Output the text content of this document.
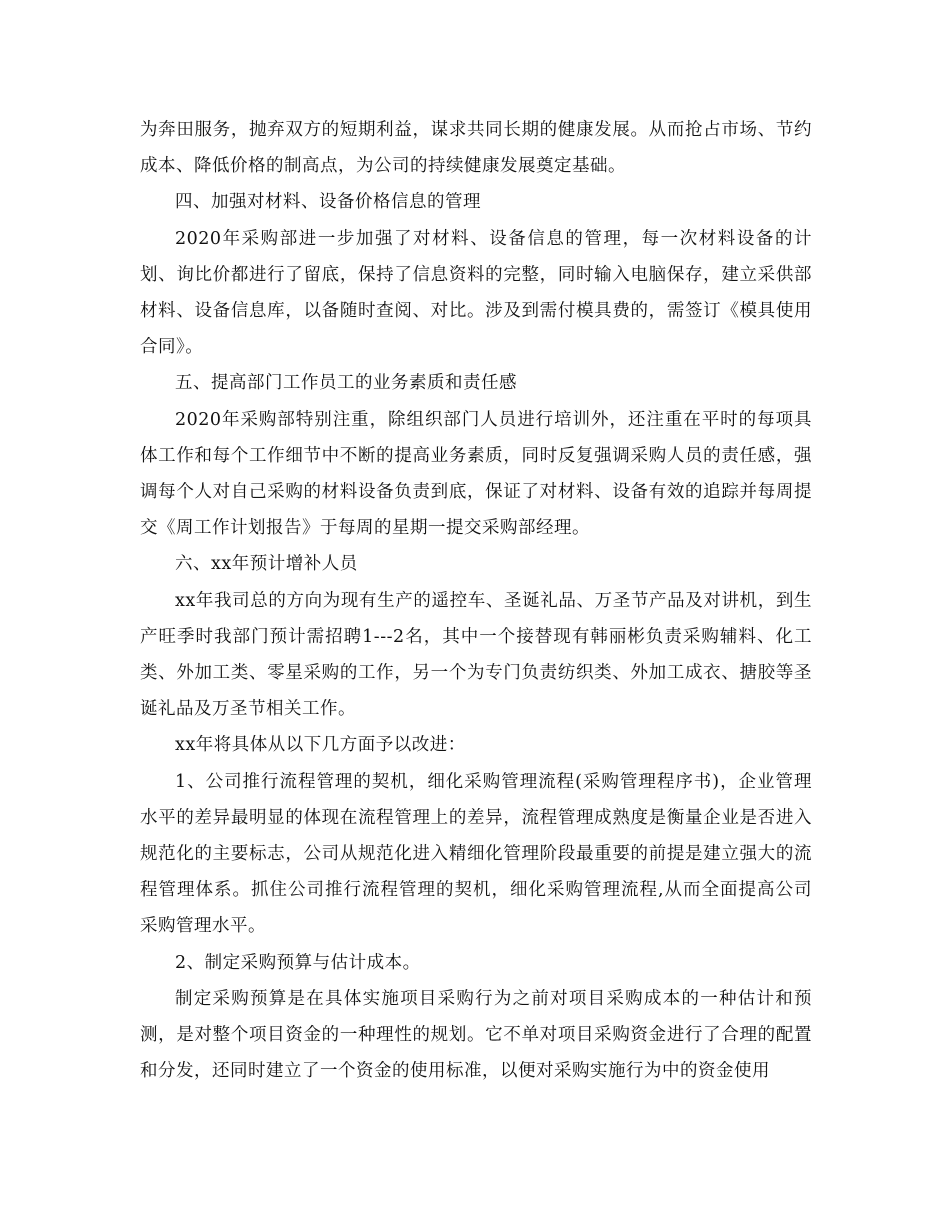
为奔田服务，抛弃双方的短期利益，谋求共同长期的健康发展。从而抢占市场、节约成本、降低价格的制高点，为公司的持续健康发展奠定基础。

四、加强对材料、设备价格信息的管理

2020年采购部进一步加强了对材料、设备信息的管理，每一次材料设备的计划、询比价都进行了留底，保持了信息资料的完整，同时输入电脑保存，建立采供部材料、设备信息库，以备随时查阅、对比。涉及到需付模具费的，需签订《模具使用合同》。

五、提高部门工作员工的业务素质和责任感

2020年采购部特别注重，除组织部门人员进行培训外，还注重在平时的每项具体工作和每个工作细节中不断的提高业务素质，同时反复强调采购人员的责任感，强调每个人对自己采购的材料设备负责到底，保证了对材料、设备有效的追踪并每周提交《周工作计划报告》于每周的星期一提交采购部经理。

六、xx年预计增补人员

xx年我司总的方向为现有生产的遥控车、圣诞礼品、万圣节产品及对讲机，到生产旺季时我部门预计需招聘1---2名，其中一个接替现有韩丽彬负责采购辅料、化工类、外加工类、零星采购的工作，另一个为专门负责纺织类、外加工成衣、搪胶等圣诞礼品及万圣节相关工作。

xx年将具体从以下几方面予以改进：

1、公司推行流程管理的契机，细化采购管理流程(采购管理程序书)，企业管理水平的差异最明显的体现在流程管理上的差异，流程管理成熟度是衡量企业是否进入规范化的主要标志，公司从规范化进入精细化管理阶段最重要的前提是建立强大的流程管理体系。抓住公司推行流程管理的契机，细化采购管理流程,从而全面提高公司采购管理水平。

2、制定采购预算与估计成本。

制定采购预算是在具体实施项目采购行为之前对项目采购成本的一种估计和预测，是对整个项目资金的一种理性的规划。它不单对项目采购资金进行了合理的配置和分发，还同时建立了一个资金的使用标准，以便对采购实施行为中的资金使用
